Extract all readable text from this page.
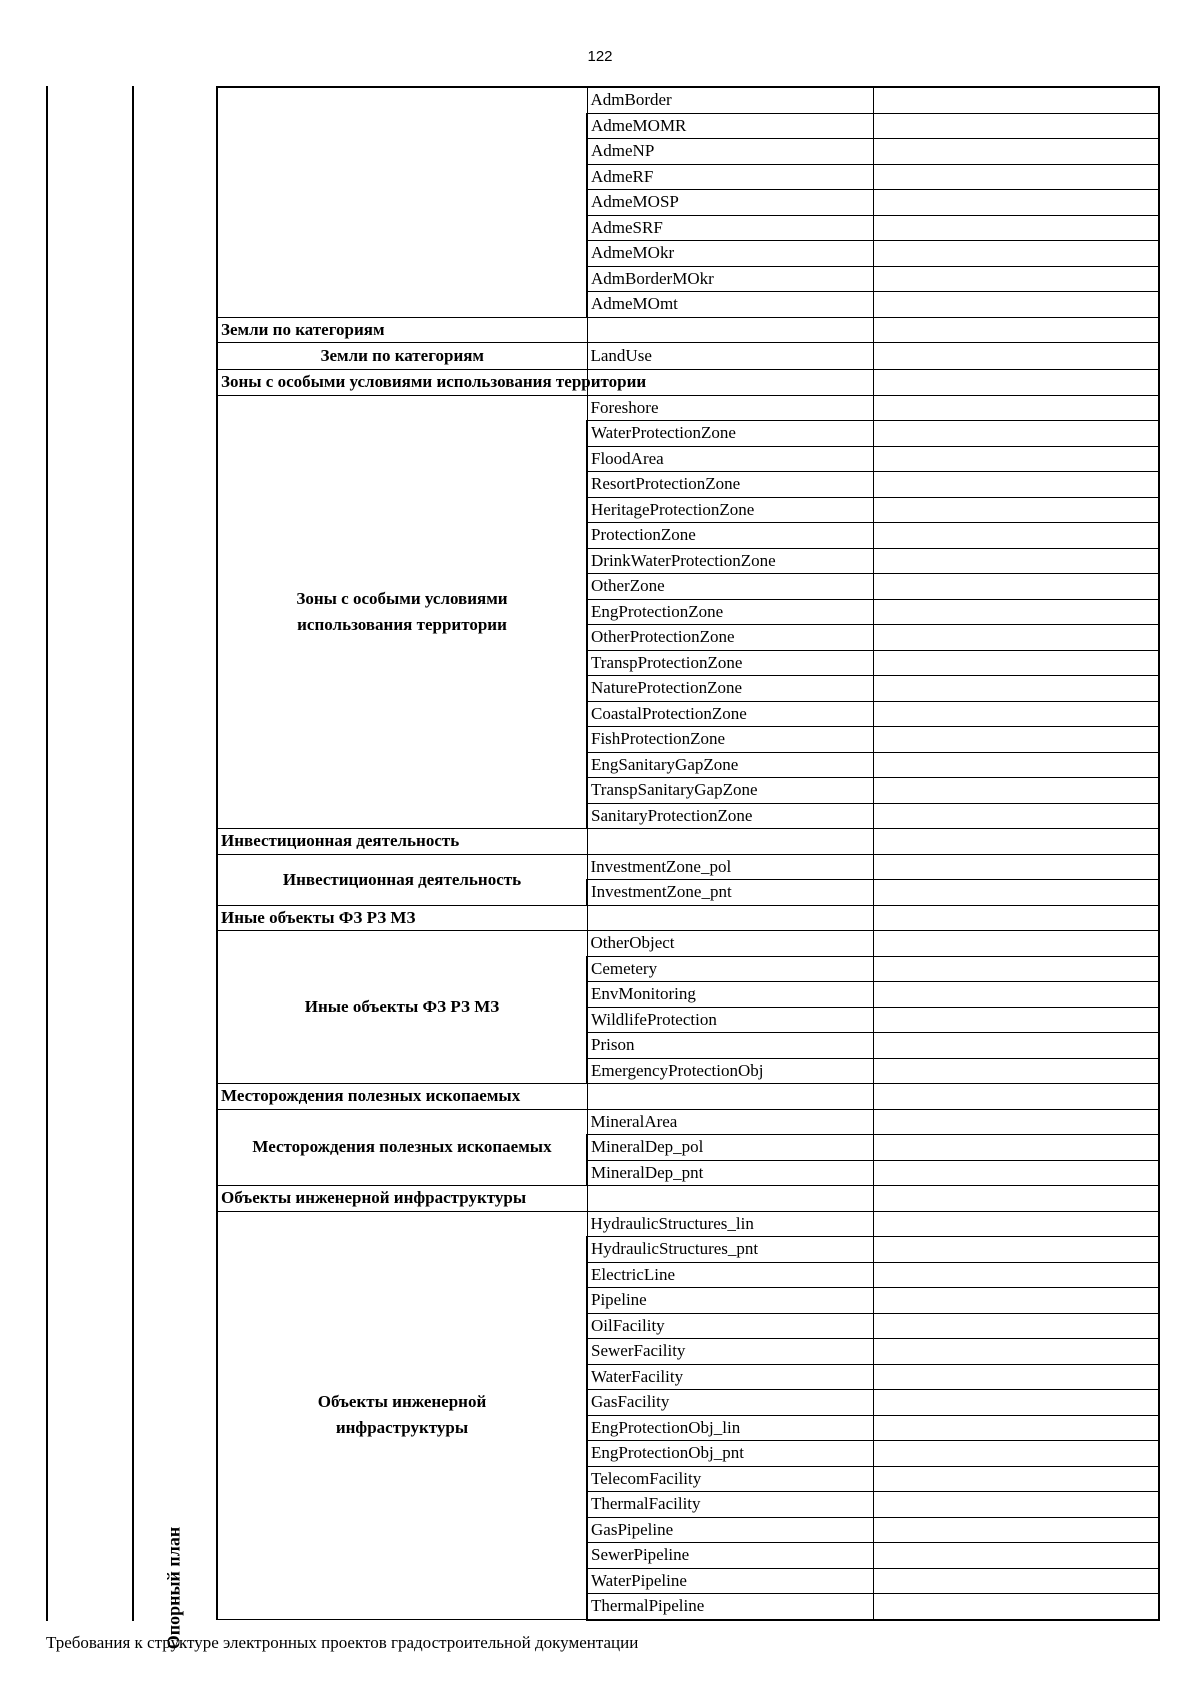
122
Опорный план
	AdmBorder	
	AdmeMOMR	
	AdmeNP	
	AdmeRF	
	AdmeMOSP	
	AdmeSRF	
	AdmeMOkr	
	AdmBorderMOkr	
	AdmeMOmt	
Земли по категориям		

Земли по категориям	LandUse	
Зоны с особыми условиями использования территории		

Зоны с особыми условиями использования территории	Foreshore	
	WaterProtectionZone	
	FloodArea	
	ResortProtectionZone	
	HeritageProtectionZone	
	ProtectionZone	
	DrinkWaterProtectionZone	
	OtherZone	
	EngProtectionZone	
	OtherProtectionZone	
	TranspProtectionZone	
	NatureProtectionZone	
	CoastalProtectionZone	
	FishProtectionZone	
	EngSanitaryGapZone	
	TranspSanitaryGapZone	
	SanitaryProtectionZone	
Инвестиционная деятельность		

Инвестиционная деятельность	InvestmentZone_pol	
	InvestmentZone_pnt	
Иные объекты ФЗ РЗ МЗ		

Иные объекты ФЗ РЗ МЗ	OtherObject	
	Cemetery	
	EnvMonitoring	
	WildlifeProtection	
	Prison	
	EmergencyProtectionObj	
Месторождения полезных ископаемых		

Месторождения полезных ископаемых	MineralArea	
	MineralDep_pol	
	MineralDep_pnt	
Объекты инженерной инфраструктуры		

Объекты инженерной инфраструктуры	HydraulicStructures_lin	
	HydraulicStructures_pnt	
	ElectricLine	
	Pipeline	
	OilFacility	
	SewerFacility	
	WaterFacility	
	GasFacility	
	EngProtectionObj_lin	
	EngProtectionObj_pnt	
	TelecomFacility	
	ThermalFacility	
	GasPipeline	
	SewerPipeline	
	WaterPipeline	
	ThermalPipeline	
Требования к структуре электронных проектов градостроительной документации
